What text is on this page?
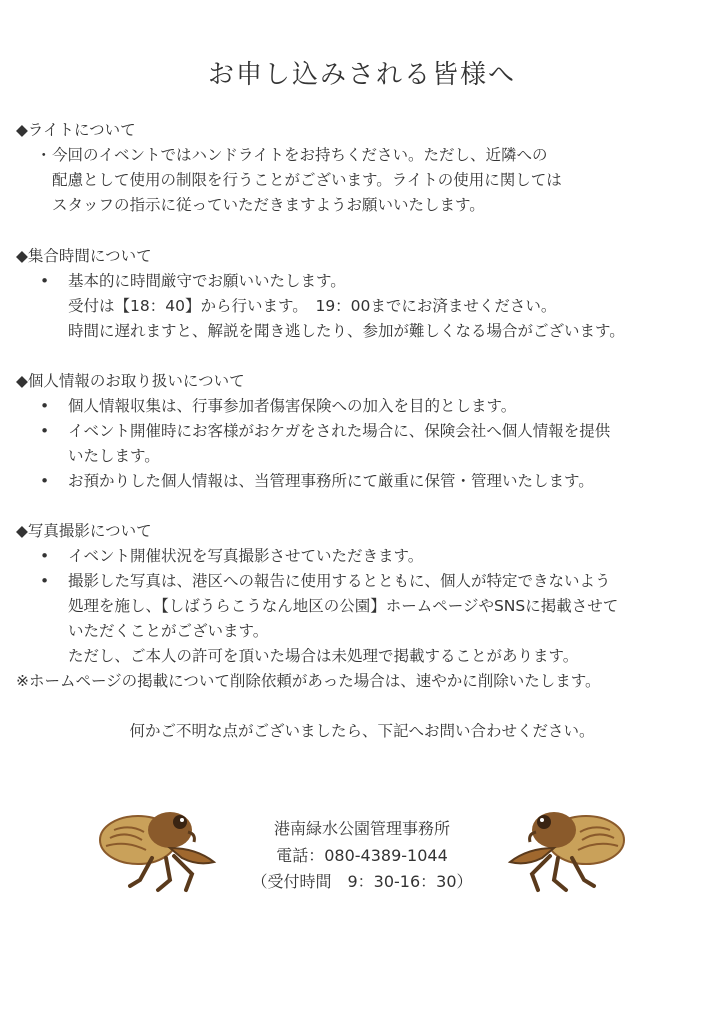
お申し込みされる皆様へ
◆ライトについて
・ 今回のイベントではハンドライトをお持ちください。ただし、近隣への
配慮として使用の制限を行うことがございます。ライトの使用に関しては
スタッフの指示に従っていただきますようお願いいたします。
◆集合時間について
• 基本的に時間厳守でお願いいたします。
受付は【18：40】から行います。　19：00までにお済ませください。
時間に遅れますと、解説を聞き逃したり、参加が難しくなる場合がございます。
◆個人情報のお取り扱いについて
• 個人情報収集は、行事参加者傷害保険への加入を目的とします。
• イベント開催時にお客様がおケガをされた場合に、保険会社へ個人情報を提供
いたします。
• お預かりした個人情報は、当管理事務所にて厳重に保管・管理いたします。
◆写真撮影について
• イベント開催状況を写真撮影させていただきます。
• 撮影した写真は、港区への報告に使用するとともに、個人が特定できないよう
処理を施し、【しばうらこうなん地区の公園】ホームページやSNSに掲載させて
いただくことがございます。
ただし、ご本人の許可を頂いた場合は未処理で掲載することがあります。
※ホームページの掲載について削除依頼があった場合は、速やかに削除いたします。
何かご不明な点がございましたら、下記へお問い合わせください。
港南緑水公園管理事務所
電話：080-4389-1044
（受付時間　9：30-16：30）
